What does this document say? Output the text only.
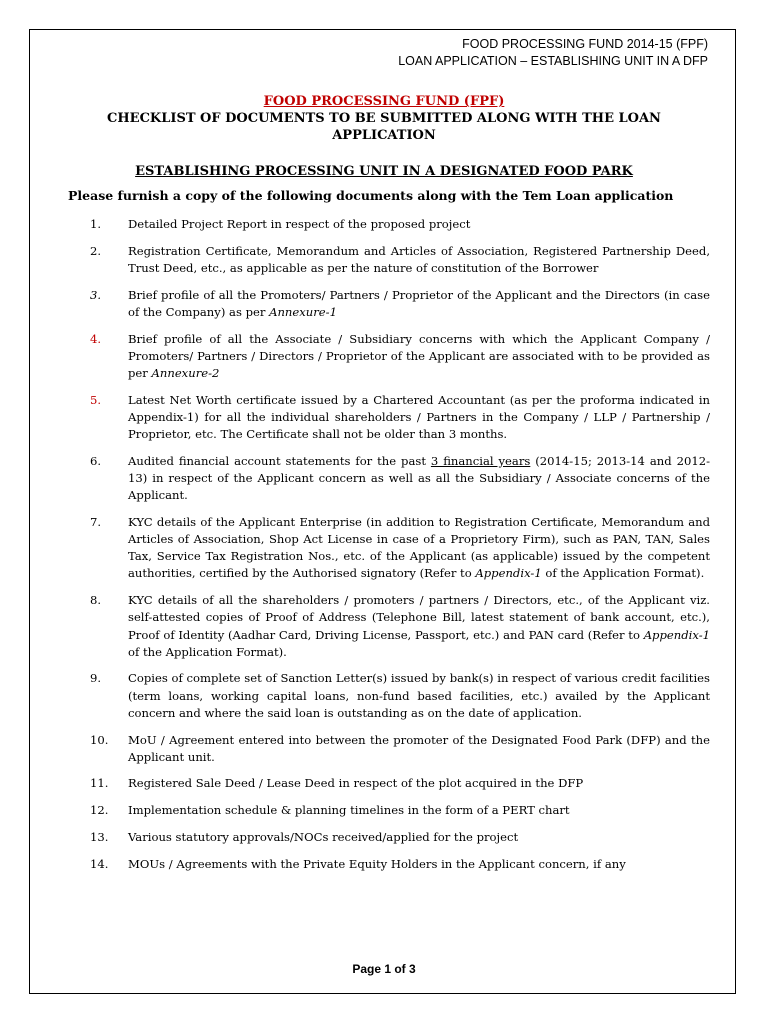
FOOD PROCESSING FUND 2014-15 (FPF)
LOAN APPLICATION – ESTABLISHING UNIT IN A DFP
FOOD PROCESSING FUND (FPF)
CHECKLIST OF DOCUMENTS TO BE SUBMITTED ALONG WITH THE LOAN APPLICATION
ESTABLISHING PROCESSING UNIT IN A DESIGNATED FOOD PARK
Please furnish a copy of the following documents along with the Tem Loan application
1.	Detailed Project Report in respect of the proposed project
2.	Registration Certificate, Memorandum and Articles of Association, Registered Partnership Deed, Trust Deed, etc., as applicable as per the nature of constitution of the Borrower
3.	Brief profile of all the Promoters/ Partners / Proprietor of the Applicant and the Directors (in case of the Company) as per Annexure-1
4.	Brief profile of all the Associate / Subsidiary concerns with which the Applicant Company / Promoters/ Partners / Directors / Proprietor of the Applicant are associated with to be provided as per Annexure-2
5.	Latest Net Worth certificate issued by a Chartered Accountant (as per the proforma indicated in Appendix-1) for all the individual shareholders / Partners in the Company / LLP / Partnership / Proprietor, etc. The Certificate shall not be older than 3 months.
6.	Audited financial account statements for the past 3 financial years (2014-15; 2013-14 and 2012-13) in respect of the Applicant concern as well as all the Subsidiary / Associate concerns of the Applicant.
7.	KYC details of the Applicant Enterprise (in addition to Registration Certificate, Memorandum and Articles of Association, Shop Act License in case of a Proprietory Firm), such as PAN, TAN, Sales Tax, Service Tax Registration Nos., etc. of the Applicant (as applicable) issued by the competent authorities, certified by the Authorised signatory (Refer to Appendix-1 of the Application Format).
8.	KYC details of all the shareholders / promoters / partners / Directors, etc., of the Applicant viz. self-attested copies of Proof of Address (Telephone Bill, latest statement of bank account, etc.), Proof of Identity (Aadhar Card, Driving License, Passport, etc.) and PAN card (Refer to Appendix-1 of the Application Format).
9.	Copies of complete set of Sanction Letter(s) issued by bank(s) in respect of various credit facilities (term loans, working capital loans, non-fund based facilities, etc.) availed by the Applicant concern and where the said loan is outstanding as on the date of application.
10.	MoU / Agreement entered into between the promoter of the Designated Food Park (DFP) and the Applicant unit.
11.	Registered Sale Deed / Lease Deed in respect of the plot acquired in the DFP
12.	Implementation schedule & planning timelines in the form of a PERT chart
13.	Various statutory approvals/NOCs received/applied for the project
14.	MOUs / Agreements with the Private Equity Holders in the Applicant concern, if any
Page 1 of 3
